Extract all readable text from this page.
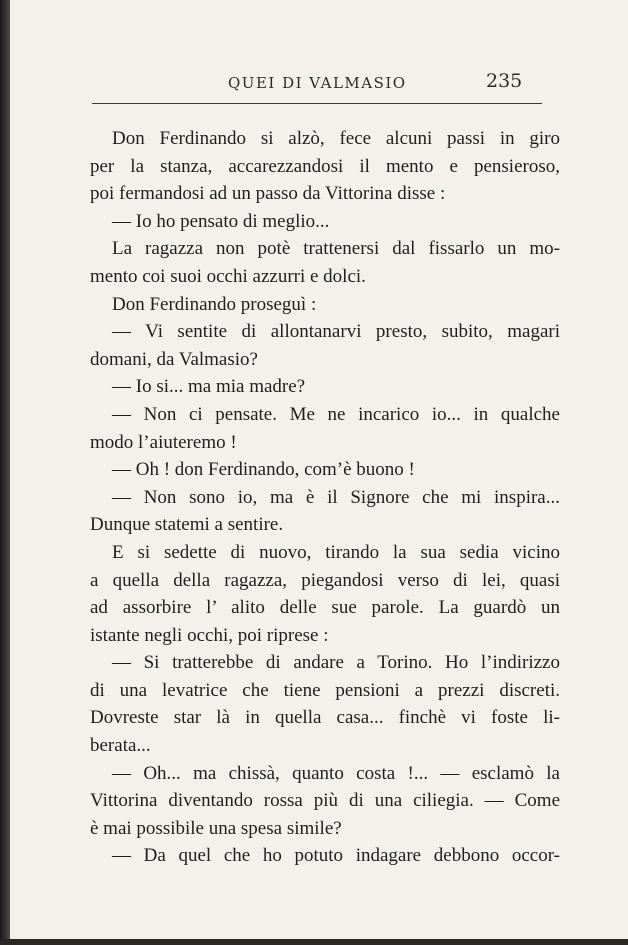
QUEI DI VALMASIO	235
Don Ferdinando si alzò, fece alcuni passi in giro
per la stanza, accarezzandosi il mento e pensieroso,
poi fermandosi ad un passo da Vittorina disse :
— Io ho pensato di meglio...
La ragazza non potè trattenersi dal fissarlo un mo-
mento coi suoi occhi azzurri e dolci.
Don Ferdinando proseguì :
— Vi sentite di allontanarvi presto, subito, magari
domani, da Valmasio?
— Io si... ma mia madre?
— Non ci pensate. Me ne incarico io... in qualche
modo l’aiuteremo !
— Oh ! don Ferdinando, com’è buono !
— Non sono io, ma è il Signore che mi inspira...
Dunque statemi a sentire.
E si sedette di nuovo, tirando la sua sedia vicino
a quella della ragazza, piegandosi verso di lei, quasi
ad assorbire l’ alito delle sue parole. La guardò un
istante negli occhi, poi riprese :
— Si tratterebbe di andare a Torino. Ho l’indirizzo
di una levatrice che tiene pensioni a prezzi discreti.
Dovreste star là in quella casa... finchè vi foste li-
berata...
— Oh... ma chissà, quanto costa !... — esclamò la
Vittorina diventando rossa più di una ciliegia. — Come
è mai possibile una spesa simile?
— Da quel che ho potuto indagare debbono occor-
